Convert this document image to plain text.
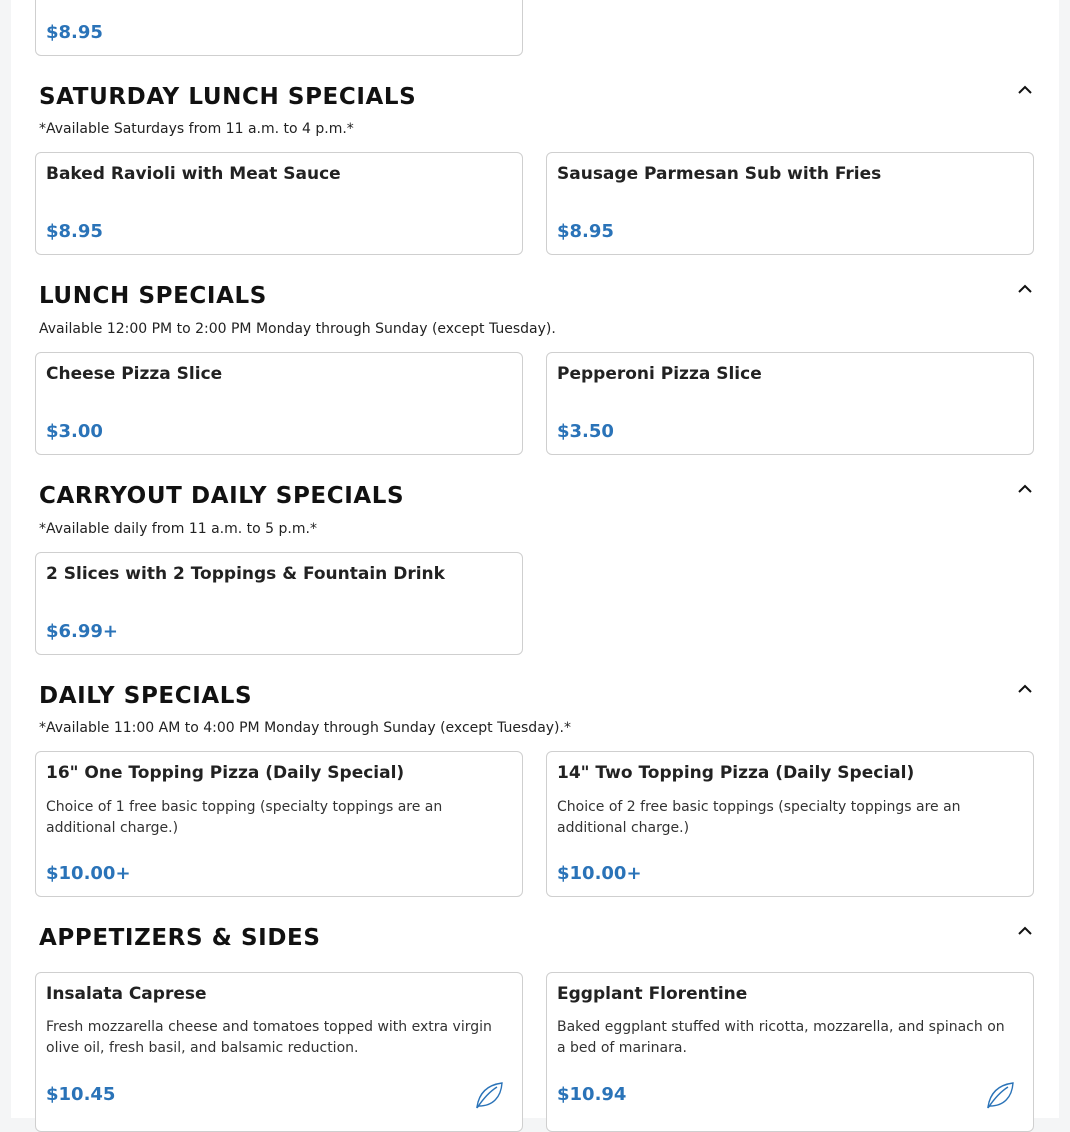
$8.95
SATURDAY LUNCH SPECIALS
*Available Saturdays from 11 a.m. to 4 p.m.*
Baked Ravioli with Meat Sauce
$8.95
Sausage Parmesan Sub with Fries
$8.95
LUNCH SPECIALS
Available 12:00 PM to 2:00 PM Monday through Sunday (except Tuesday).
Cheese Pizza Slice
$3.00
Pepperoni Pizza Slice
$3.50
CARRYOUT DAILY SPECIALS
*Available daily from 11 a.m. to 5 p.m.*
2 Slices with 2 Toppings & Fountain Drink
$6.99+
DAILY SPECIALS
*Available 11:00 AM to 4:00 PM Monday through Sunday (except Tuesday).*
16" One Topping Pizza (Daily Special)
Choice of 1 free basic topping (specialty toppings are an additional charge.)
$10.00+
14" Two Topping Pizza (Daily Special)
Choice of 2 free basic toppings (specialty toppings are an additional charge.)
$10.00+
APPETIZERS & SIDES
Insalata Caprese
Fresh mozzarella cheese and tomatoes topped with extra virgin olive oil, fresh basil, and balsamic reduction.
$10.45
Eggplant Florentine
Baked eggplant stuffed with ricotta, mozzarella, and spinach on a bed of marinara.
$10.94
